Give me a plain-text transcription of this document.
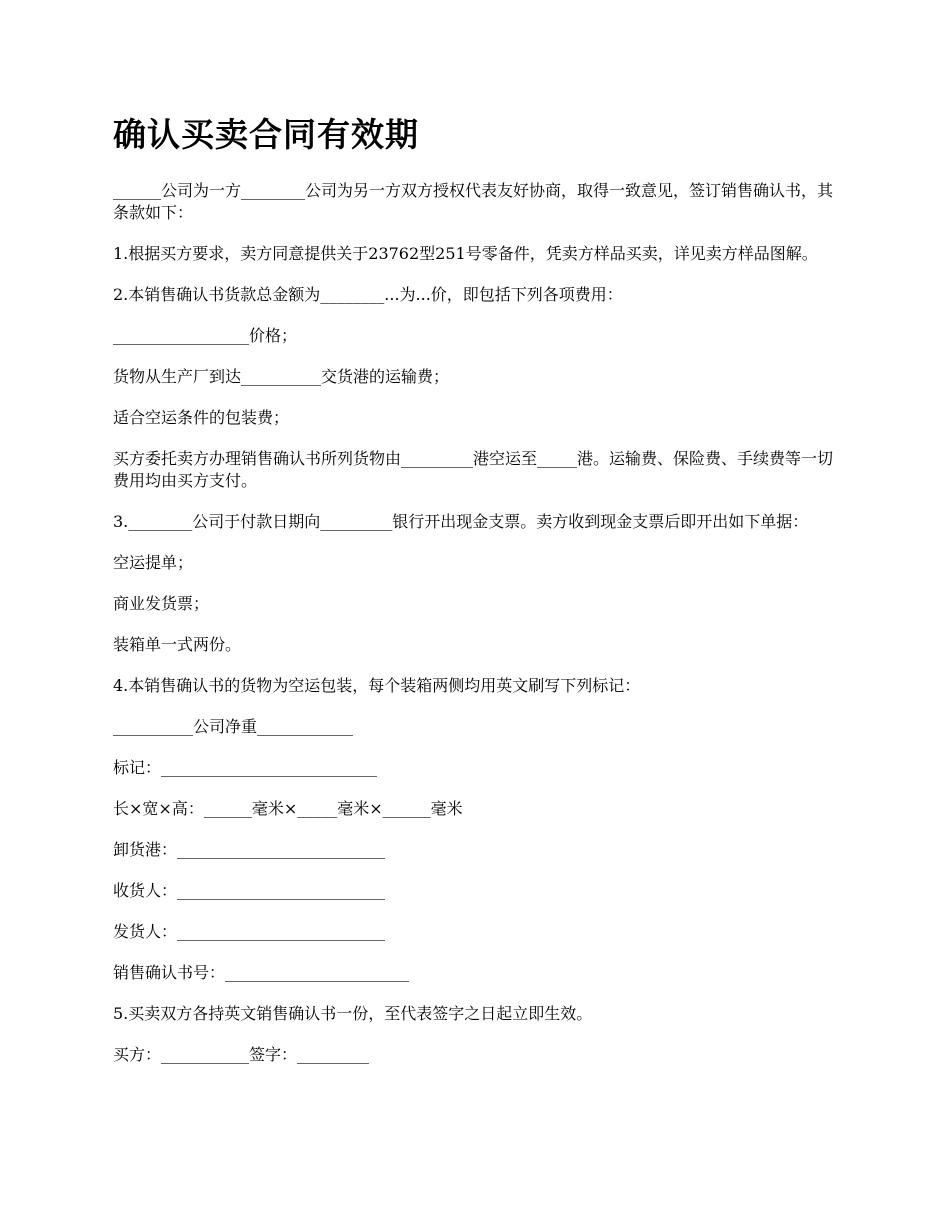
确认买卖合同有效期

______公司为一方________公司为另一方双方授权代表友好协商，取得一致意见，签订销售确认书，其条款如下：

1.根据买方要求，卖方同意提供关于23762型251号零备件，凭卖方样品买卖，详见卖方样品图解。

2.本销售确认书货款总金额为________...为...价，即包括下列各项费用：

_________________价格；

货物从生产厂到达__________交货港的运输费；

适合空运条件的包装费；

买方委托卖方办理销售确认书所列货物由_________港空运至_____港。运输费、保险费、手续费等一切费用均由买方支付。

3.________公司于付款日期向_________银行开出现金支票。卖方收到现金支票后即开出如下单据：

空运提单；

商业发货票；

装箱单一式两份。

4.本销售确认书的货物为空运包装，每个装箱两侧均用英文刷写下列标记：

__________公司净重____________

标记：___________________________

长×宽×高：______毫米×_____毫米×______毫米

卸货港：__________________________

收货人：__________________________

发货人：__________________________

销售确认书号：_______________________

5.买卖双方各持英文销售确认书一份，至代表签字之日起立即生效。

买方：___________签字：_________
